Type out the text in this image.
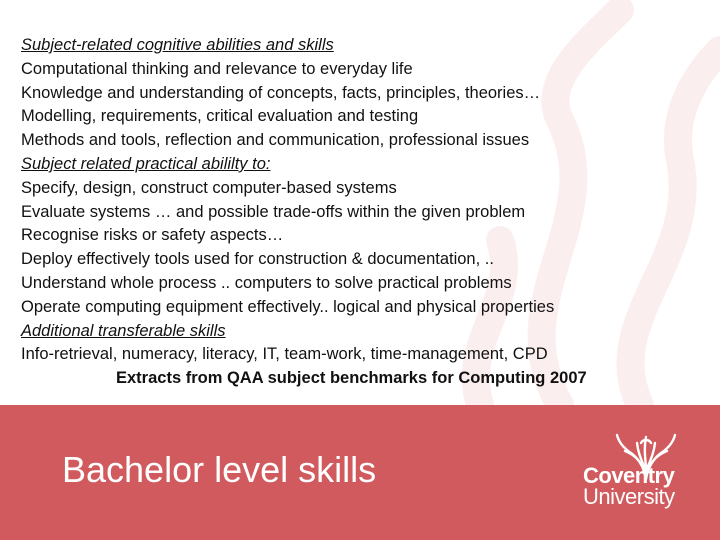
Subject-related cognitive abilities and skills
Computational thinking and relevance to everyday life
Knowledge and understanding of concepts, facts, principles, theories…
Modelling, requirements, critical evaluation and testing
Methods and tools, reflection and communication, professional issues
Subject related practical abililty to:
Specify, design, construct computer-based systems
Evaluate systems … and possible trade-offs within the given problem
Recognise risks or safety aspects…
Deploy effectively tools used for construction & documentation, ..
Understand whole process .. computers to solve practical problems
Operate computing equipment effectively.. logical and physical properties
Additional transferable skills
Info-retrieval, numeracy, literacy, IT, team-work, time-management, CPD
Extracts from QAA subject benchmarks for Computing 2007
Bachelor level skills	Coventry
University
